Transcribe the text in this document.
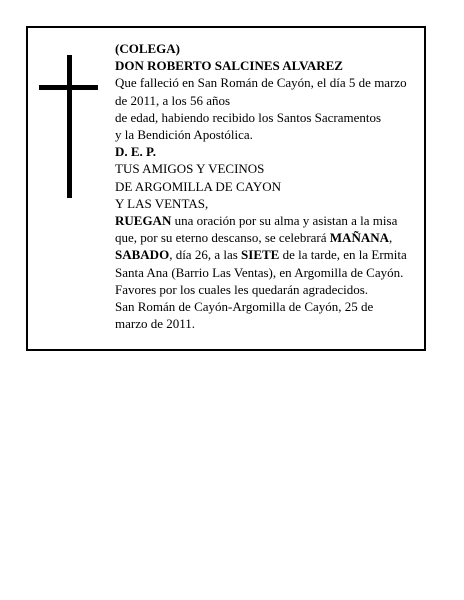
(COLEGA)

DON ROBERTO SALCINES ALVAREZ

Que falleció en San Román de Cayón, el día 5 de marzo

de 2011, a los 56 años

de edad, habiendo recibido los Santos Sacramentos

y la Bendición Apostólica.

D. E. P.

TUS AMIGOS Y VECINOS

DE ARGOMILLA DE CAYON

Y LAS VENTAS,

RUEGAN una oración por su alma y asistan a la misa

que, por su eterno descanso, se celebrará MAÑANA,

SABADO, día 26, a las SIETE de la tarde, en la Ermita

Santa Ana (Barrio Las Ventas), en Argomilla de Cayón.

Favores por los cuales les quedarán agradecidos.

San Román de Cayón-Argomilla de Cayón, 25 de

marzo de 2011.
